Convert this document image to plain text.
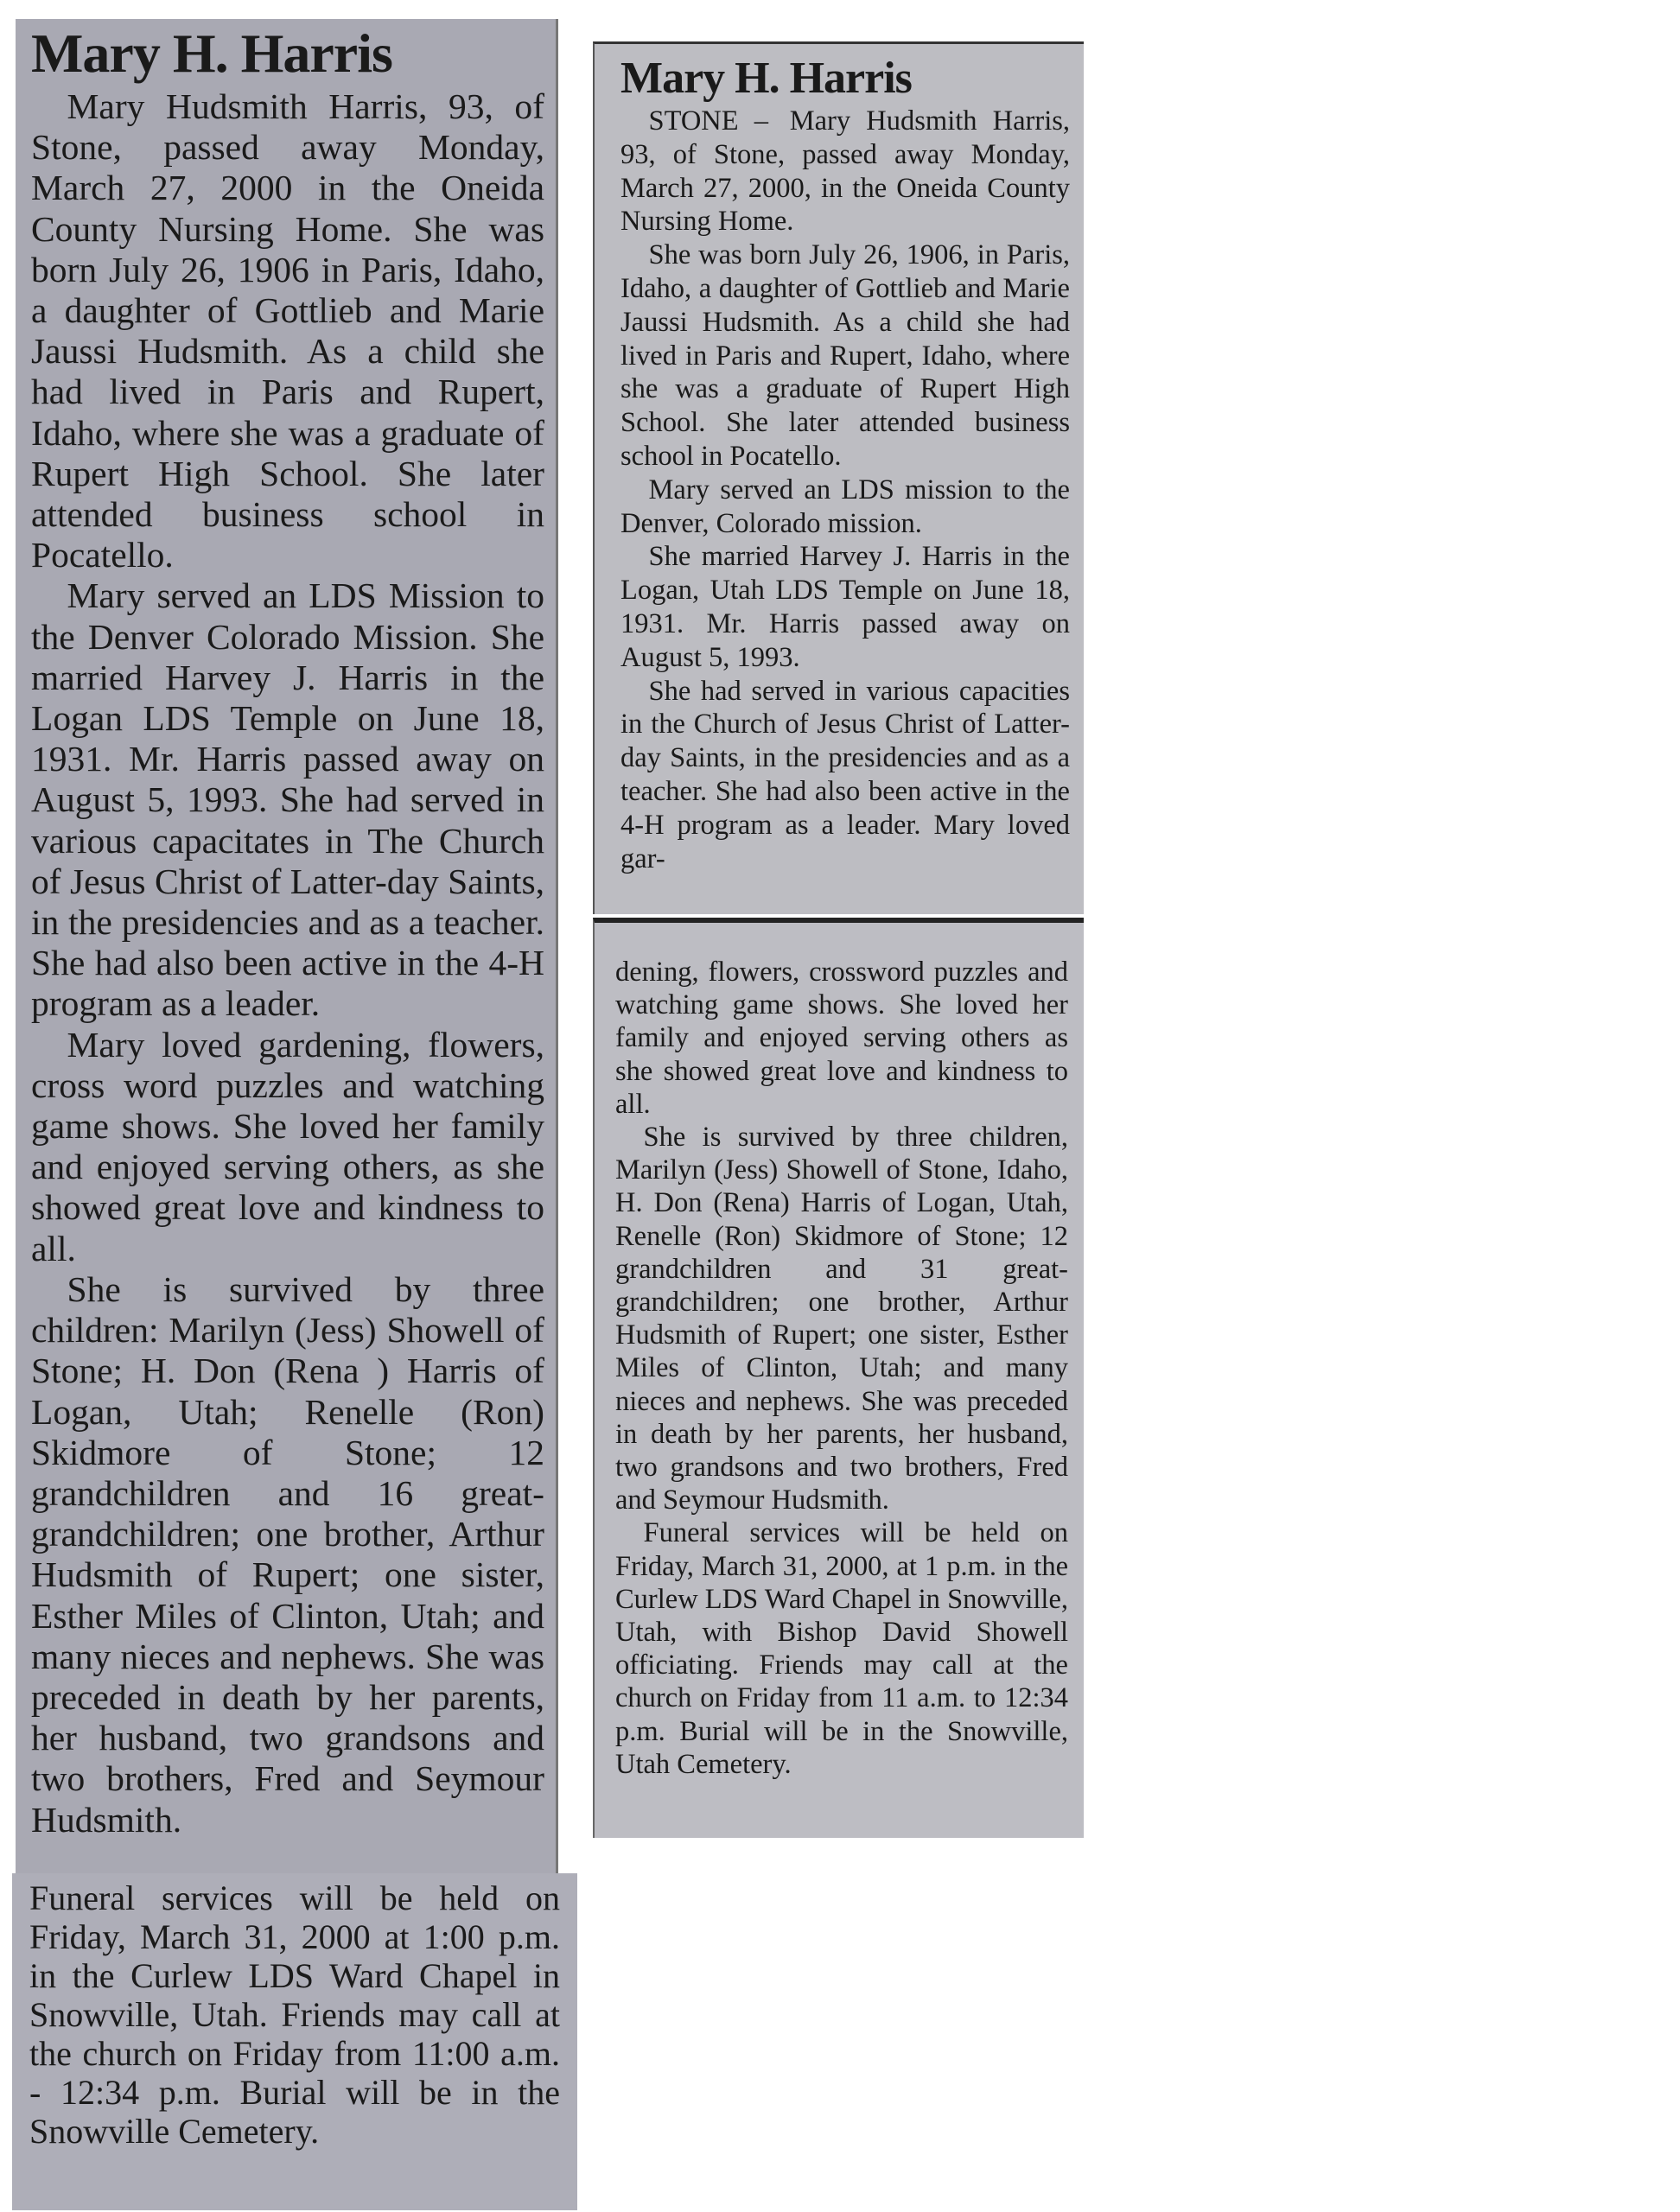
Mary H. Harris

Mary Hudsmith Harris, 93, of Stone, passed away Monday, March 27, 2000 in the Oneida County Nursing Home. She was born July 26, 1906 in Paris, Idaho, a daughter of Gottlieb and Marie Jaussi Hudsmith. As a child she had lived in Paris and Rupert, Idaho, where she was a graduate of Rupert High School. She later attended business school in Pocatello.

Mary served an LDS Mission to the Denver Colorado Mission. She married Harvey J. Harris in the Logan LDS Temple on June 18, 1931. Mr. Harris passed away on August 5, 1993. She had served in various capacitates in The Church of Jesus Christ of Latter-day Saints, in the presidencies and as a teacher. She had also been active in the 4-H program as a leader.

Mary loved gardening, flowers, cross word puzzles and watching game shows. She loved her family and enjoyed serving others, as she showed great love and kindness to all.

She is survived by three children: Marilyn (Jess) Showell of Stone; H. Don (Rena ) Harris of Logan, Utah; Renelle (Ron) Skidmore of Stone; 12 grandchildren and 16 great-grandchildren; one brother, Arthur Hudsmith of Rupert; one sister, Esther Miles of Clinton, Utah; and many nieces and nephews. She was preceded in death by her parents, her husband, two grandsons and two brothers, Fred and Seymour Hudsmith.

Funeral services will be held on Friday, March 31, 2000 at 1:00 p.m. in the Curlew LDS Ward Chapel in Snowville, Utah. Friends may call at the church on Friday from 11:00 a.m. - 12:34 p.m. Burial will be in the Snowville Cemetery.

Mary H. Harris

STONE – Mary Hudsmith Harris, 93, of Stone, passed away Monday, March 27, 2000, in the Oneida County Nursing Home.

She was born July 26, 1906, in Paris, Idaho, a daughter of Gottlieb and Marie Jaussi Hudsmith. As a child she had lived in Paris and Rupert, Idaho, where she was a graduate of Rupert High School. She later attended business school in Pocatello.

Mary served an LDS mission to the Denver, Colorado mission.

She married Harvey J. Harris in the Logan, Utah LDS Temple on June 18, 1931. Mr. Harris passed away on August 5, 1993.

She had served in various capacities in the Church of Jesus Christ of Latter-day Saints, in the presidencies and as a teacher. She had also been active in the 4-H program as a leader. Mary loved gar-

dening, flowers, crossword puzzles and watching game shows. She loved her family and enjoyed serving others as she showed great love and kindness to all.

She is survived by three children, Marilyn (Jess) Showell of Stone, Idaho, H. Don (Rena) Harris of Logan, Utah, Renelle (Ron) Skidmore of Stone; 12 grandchildren and 31 great-grandchildren; one brother, Arthur Hudsmith of Rupert; one sister, Esther Miles of Clinton, Utah; and many nieces and nephews. She was preceded in death by her parents, her husband, two grandsons and two brothers, Fred and Seymour Hudsmith.

Funeral services will be held on Friday, March 31, 2000, at 1 p.m. in the Curlew LDS Ward Chapel in Snowville, Utah, with Bishop David Showell officiating. Friends may call at the church on Friday from 11 a.m. to 12:34 p.m. Burial will be in the Snowville, Utah Cemetery.
